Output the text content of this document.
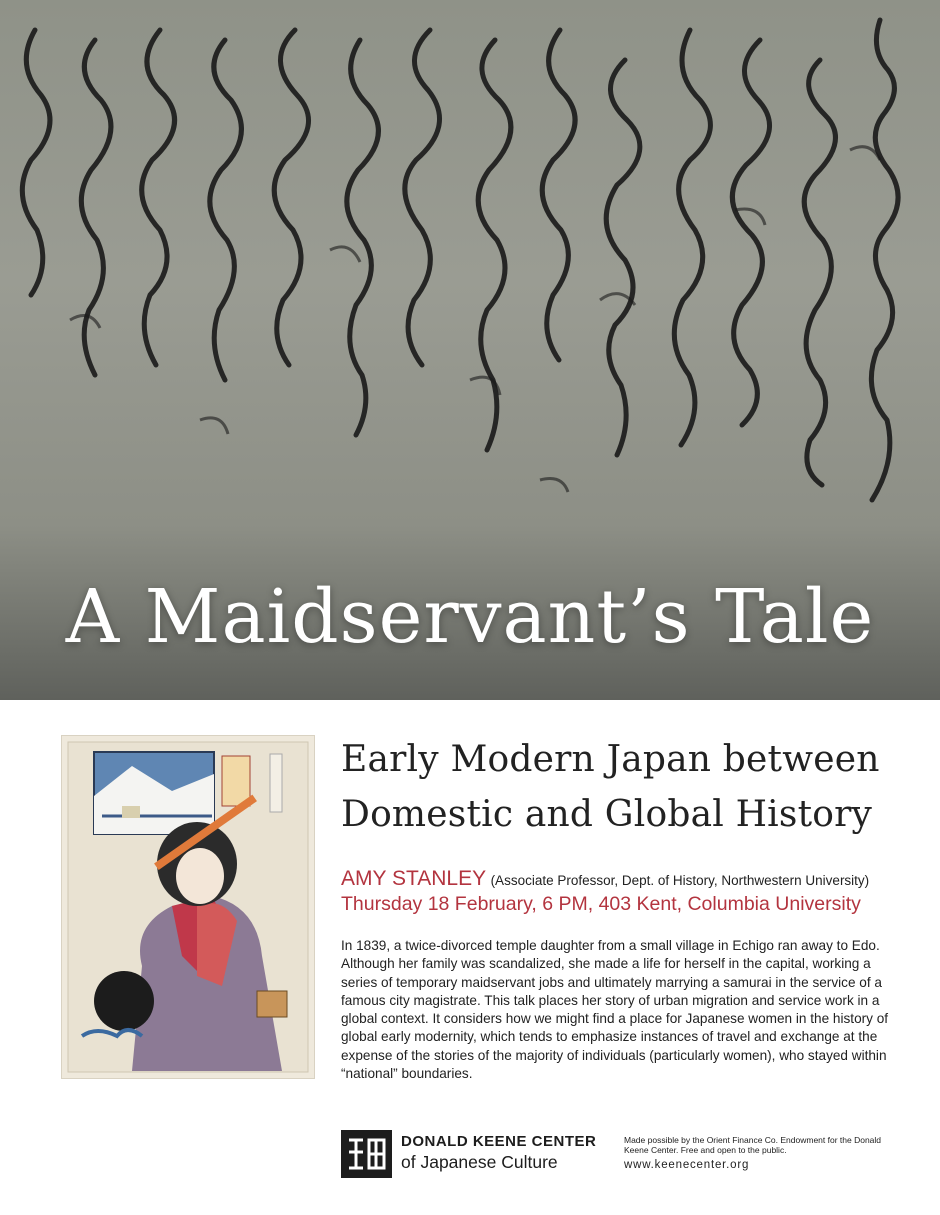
A Maidservant’s Tale
Early Modern Japan between
Domestic and Global History
AMY STANLEY (Associate Professor, Dept. of History, Northwestern University)
Thursday 18 February, 6 PM, 403 Kent, Columbia University

In 1839, a twice-divorced temple daughter from a small village in Echigo ran away to Edo. Although her family was scandalized, she made a life for herself in the capital, working a series of temporary maidservant jobs and ultimately marrying a samurai in the service of a famous city magistrate. This talk places her story of urban migration and service work in a global context. It considers how we might find a place for Japanese women in the history of global early modernity, which tends to emphasize instances of travel and exchange at the expense of the stories of the majority of individuals (particularly women), who stayed within “national” boundaries.

DONALD KEENE CENTER
of Japanese Culture
Made possible by the Orient Finance Co. Endowment for the Donald Keene Center. Free and open to the public.
www.keenecenter.org
